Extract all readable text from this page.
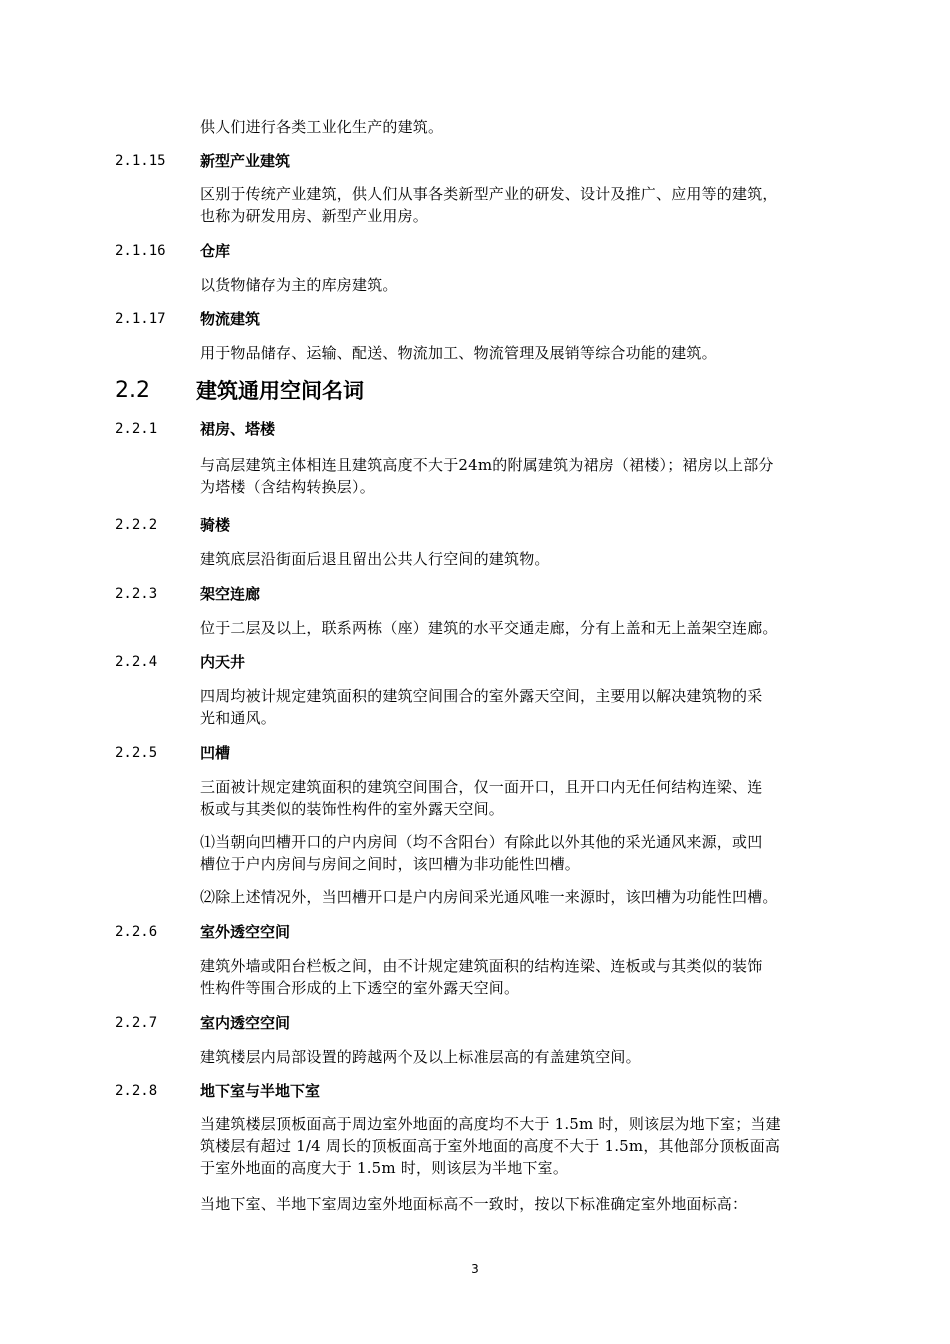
供人们进行各类工业化生产的建筑。
2.1.15 新型产业建筑
区别于传统产业建筑，供人们从事各类新型产业的研发、设计及推广、应用等的建筑，
也称为研发用房、新型产业用房。
2.1.16 仓库
以货物储存为主的库房建筑。
2.1.17 物流建筑
用于物品储存、运输、配送、物流加工、物流管理及展销等综合功能的建筑。
2.2 建筑通用空间名词
2.2.1	裙房、塔楼
与高层建筑主体相连且建筑高度不大于24m的附属建筑为裙房（裙楼）；裙房以上部分
为塔楼（含结构转换层）。
2.2.2	骑楼
建筑底层沿街面后退且留出公共人行空间的建筑物。
2.2.3	架空连廊
位于二层及以上，联系两栋（座）建筑的水平交通走廊，分有上盖和无上盖架空连廊。
2.2.4	内天井
四周均被计规定建筑面积的建筑空间围合的室外露天空间，主要用以解决建筑物的采
光和通风。
2.2.5	凹槽
三面被计规定建筑面积的建筑空间围合，仅一面开口，且开口内无任何结构连梁、连
板或与其类似的装饰性构件的室外露天空间。
⑴当朝向凹槽开口的户内房间（均不含阳台）有除此以外其他的采光通风来源，或凹
槽位于户内房间与房间之间时，该凹槽为非功能性凹槽。
⑵除上述情况外，当凹槽开口是户内房间采光通风唯一来源时，该凹槽为功能性凹槽。
2.2.6	室外透空空间
建筑外墙或阳台栏板之间，由不计规定建筑面积的结构连梁、连板或与其类似的装饰
性构件等围合形成的上下透空的室外露天空间。
2.2.7	室内透空空间
建筑楼层内局部设置的跨越两个及以上标准层高的有盖建筑空间。
2.2.8	地下室与半地下室
当建筑楼层顶板面高于周边室外地面的高度均不大于 1.5m 时，则该层为地下室；当建
筑楼层有超过 1/4 周长的顶板面高于室外地面的高度不大于 1.5m，其他部分顶板面高
于室外地面的高度大于 1.5m 时，则该层为半地下室。
当地下室、半地下室周边室外地面标高不一致时，按以下标准确定室外地面标高：
3
